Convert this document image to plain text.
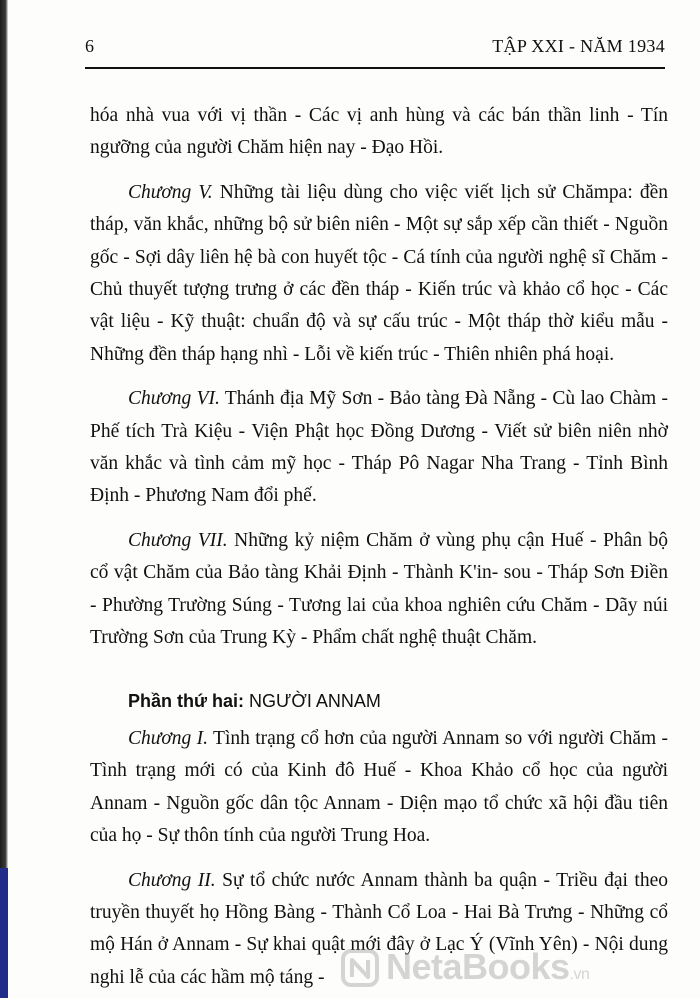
6	TẬP XXI - NĂM 1934

hóa nhà vua với vị thần - Các vị anh hùng và các bán thần linh - Tín ngưỡng của người Chăm hiện nay - Đạo Hồi.

Chương V. Những tài liệu dùng cho việc viết lịch sử Chămpa: đền tháp, văn khắc, những bộ sử biên niên - Một sự sắp xếp cần thiết - Nguồn gốc - Sợi dây liên hệ bà con huyết tộc - Cá tính của người nghệ sĩ Chăm - Chủ thuyết tượng trưng ở các đền tháp - Kiến trúc và khảo cổ học - Các vật liệu - Kỹ thuật: chuẩn độ và sự cấu trúc - Một tháp thờ kiểu mẫu - Những đền tháp hạng nhì - Lỗi về kiến trúc - Thiên nhiên phá hoại.

Chương VI. Thánh địa Mỹ Sơn - Bảo tàng Đà Nẵng - Cù lao Chàm - Phế tích Trà Kiệu - Viện Phật học Đồng Dương - Viết sử biên niên nhờ văn khắc và tình cảm mỹ học - Tháp Pô Nagar Nha Trang - Tỉnh Bình Định - Phương Nam đổi phế.

Chương VII. Những kỷ niệm Chăm ở vùng phụ cận Huế - Phân bộ cổ vật Chăm của Bảo tàng Khải Định - Thành K'in- sou - Tháp Sơn Điền - Phường Trường Súng - Tương lai của khoa nghiên cứu Chăm - Dãy núi Trường Sơn của Trung Kỳ - Phẩm chất nghệ thuật Chăm.

Phần thứ hai: NGƯỜI ANNAM

Chương I. Tình trạng cổ hơn của người Annam so với người Chăm - Tình trạng mới có của Kinh đô Huế - Khoa Khảo cổ học của người Annam - Nguồn gốc dân tộc Annam - Diện mạo tổ chức xã hội đầu tiên của họ - Sự thôn tính của người Trung Hoa.

Chương II. Sự tổ chức nước Annam thành ba quận - Triều đại theo truyền thuyết họ Hồng Bàng - Thành Cổ Loa - Hai Bà Trưng - Những cổ mộ Hán ở Annam - Sự khai quật mới đây ở Lạc Ý (Vĩnh Yên) - Nội dung nghi lễ của các hầm mộ táng -	NetaBooks.vn
